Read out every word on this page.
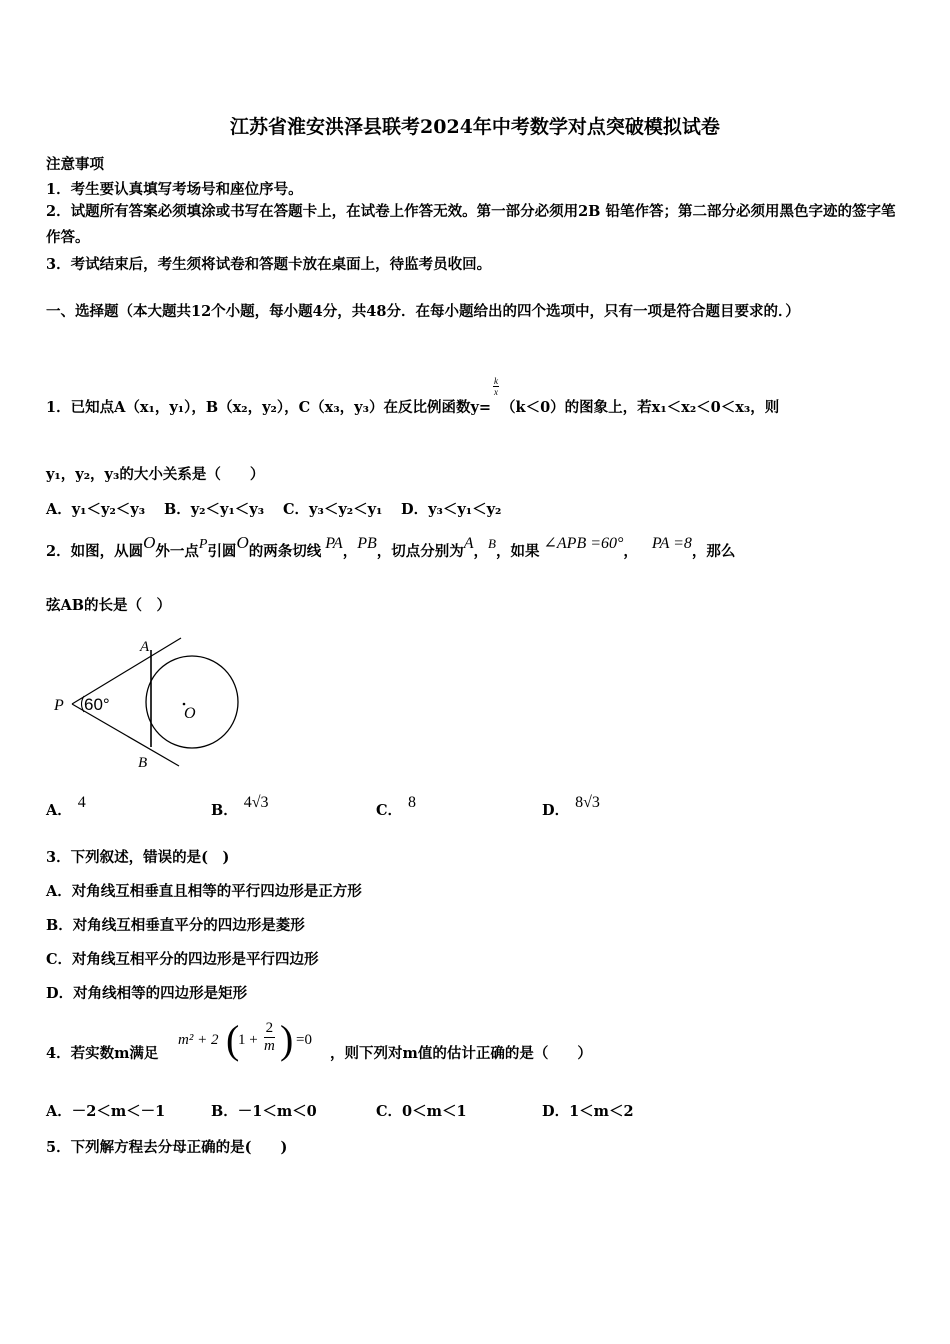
江苏省淮安洪泽县联考2024年中考数学对点突破模拟试卷
注意事项
1．考生要认真填写考场号和座位序号。
2．试题所有答案必须填涂或书写在答题卡上，在试卷上作答无效。第一部分必须用2B 铅笔作答；第二部分必须用黑色字迹的签字笔作答。
3．考试结束后，考生须将试卷和答题卡放在桌面上，待监考员收回。
一、选择题（本大题共12个小题，每小题4分，共48分．在每小题给出的四个选项中，只有一项是符合题目要求的．）
1．已知点A（x₁，y₁），B（x₂，y₂），C（x₃，y₃）在反比例函数y=
$\frac{k}{x}$
（k＜0）的图象上，若x₁＜x₂＜0＜x₃，则
y₁，y₂，y₃的大小关系是（　　）
A．y₁＜y₂＜y₃ B．y₂＜y₁＜y₃ C．y₃＜y₂＜y₁ D．y₃＜y₁＜y₂
2．如图，从圆O外一点P引圆O的两条切线 PA，PB，切点分别为A，B，如果 ∠APB =60°， PA =8，那么
弦AB的长是（　）
P
A
B
O
60°
A． 4	B． 4√3	C． 8	D． 8√3
3．下列叙述，错误的是(　)
A．对角线互相垂直且相等的平行四边形是正方形
B．对角线互相垂直平分的四边形是菱形
C．对角线互相平分的四边形是平行四边形
D．对角线相等的四边形是矩形
4．若实数m满足
m² + 2 (
$1 + \frac{2}{m}$ ) =0
，则下列对m值的估计正确的是（　　）
A．－2＜m＜－1	B．－1＜m＜0	C．0＜m＜1	D．1＜m＜2
5．下列解方程去分母正确的是(　　)
